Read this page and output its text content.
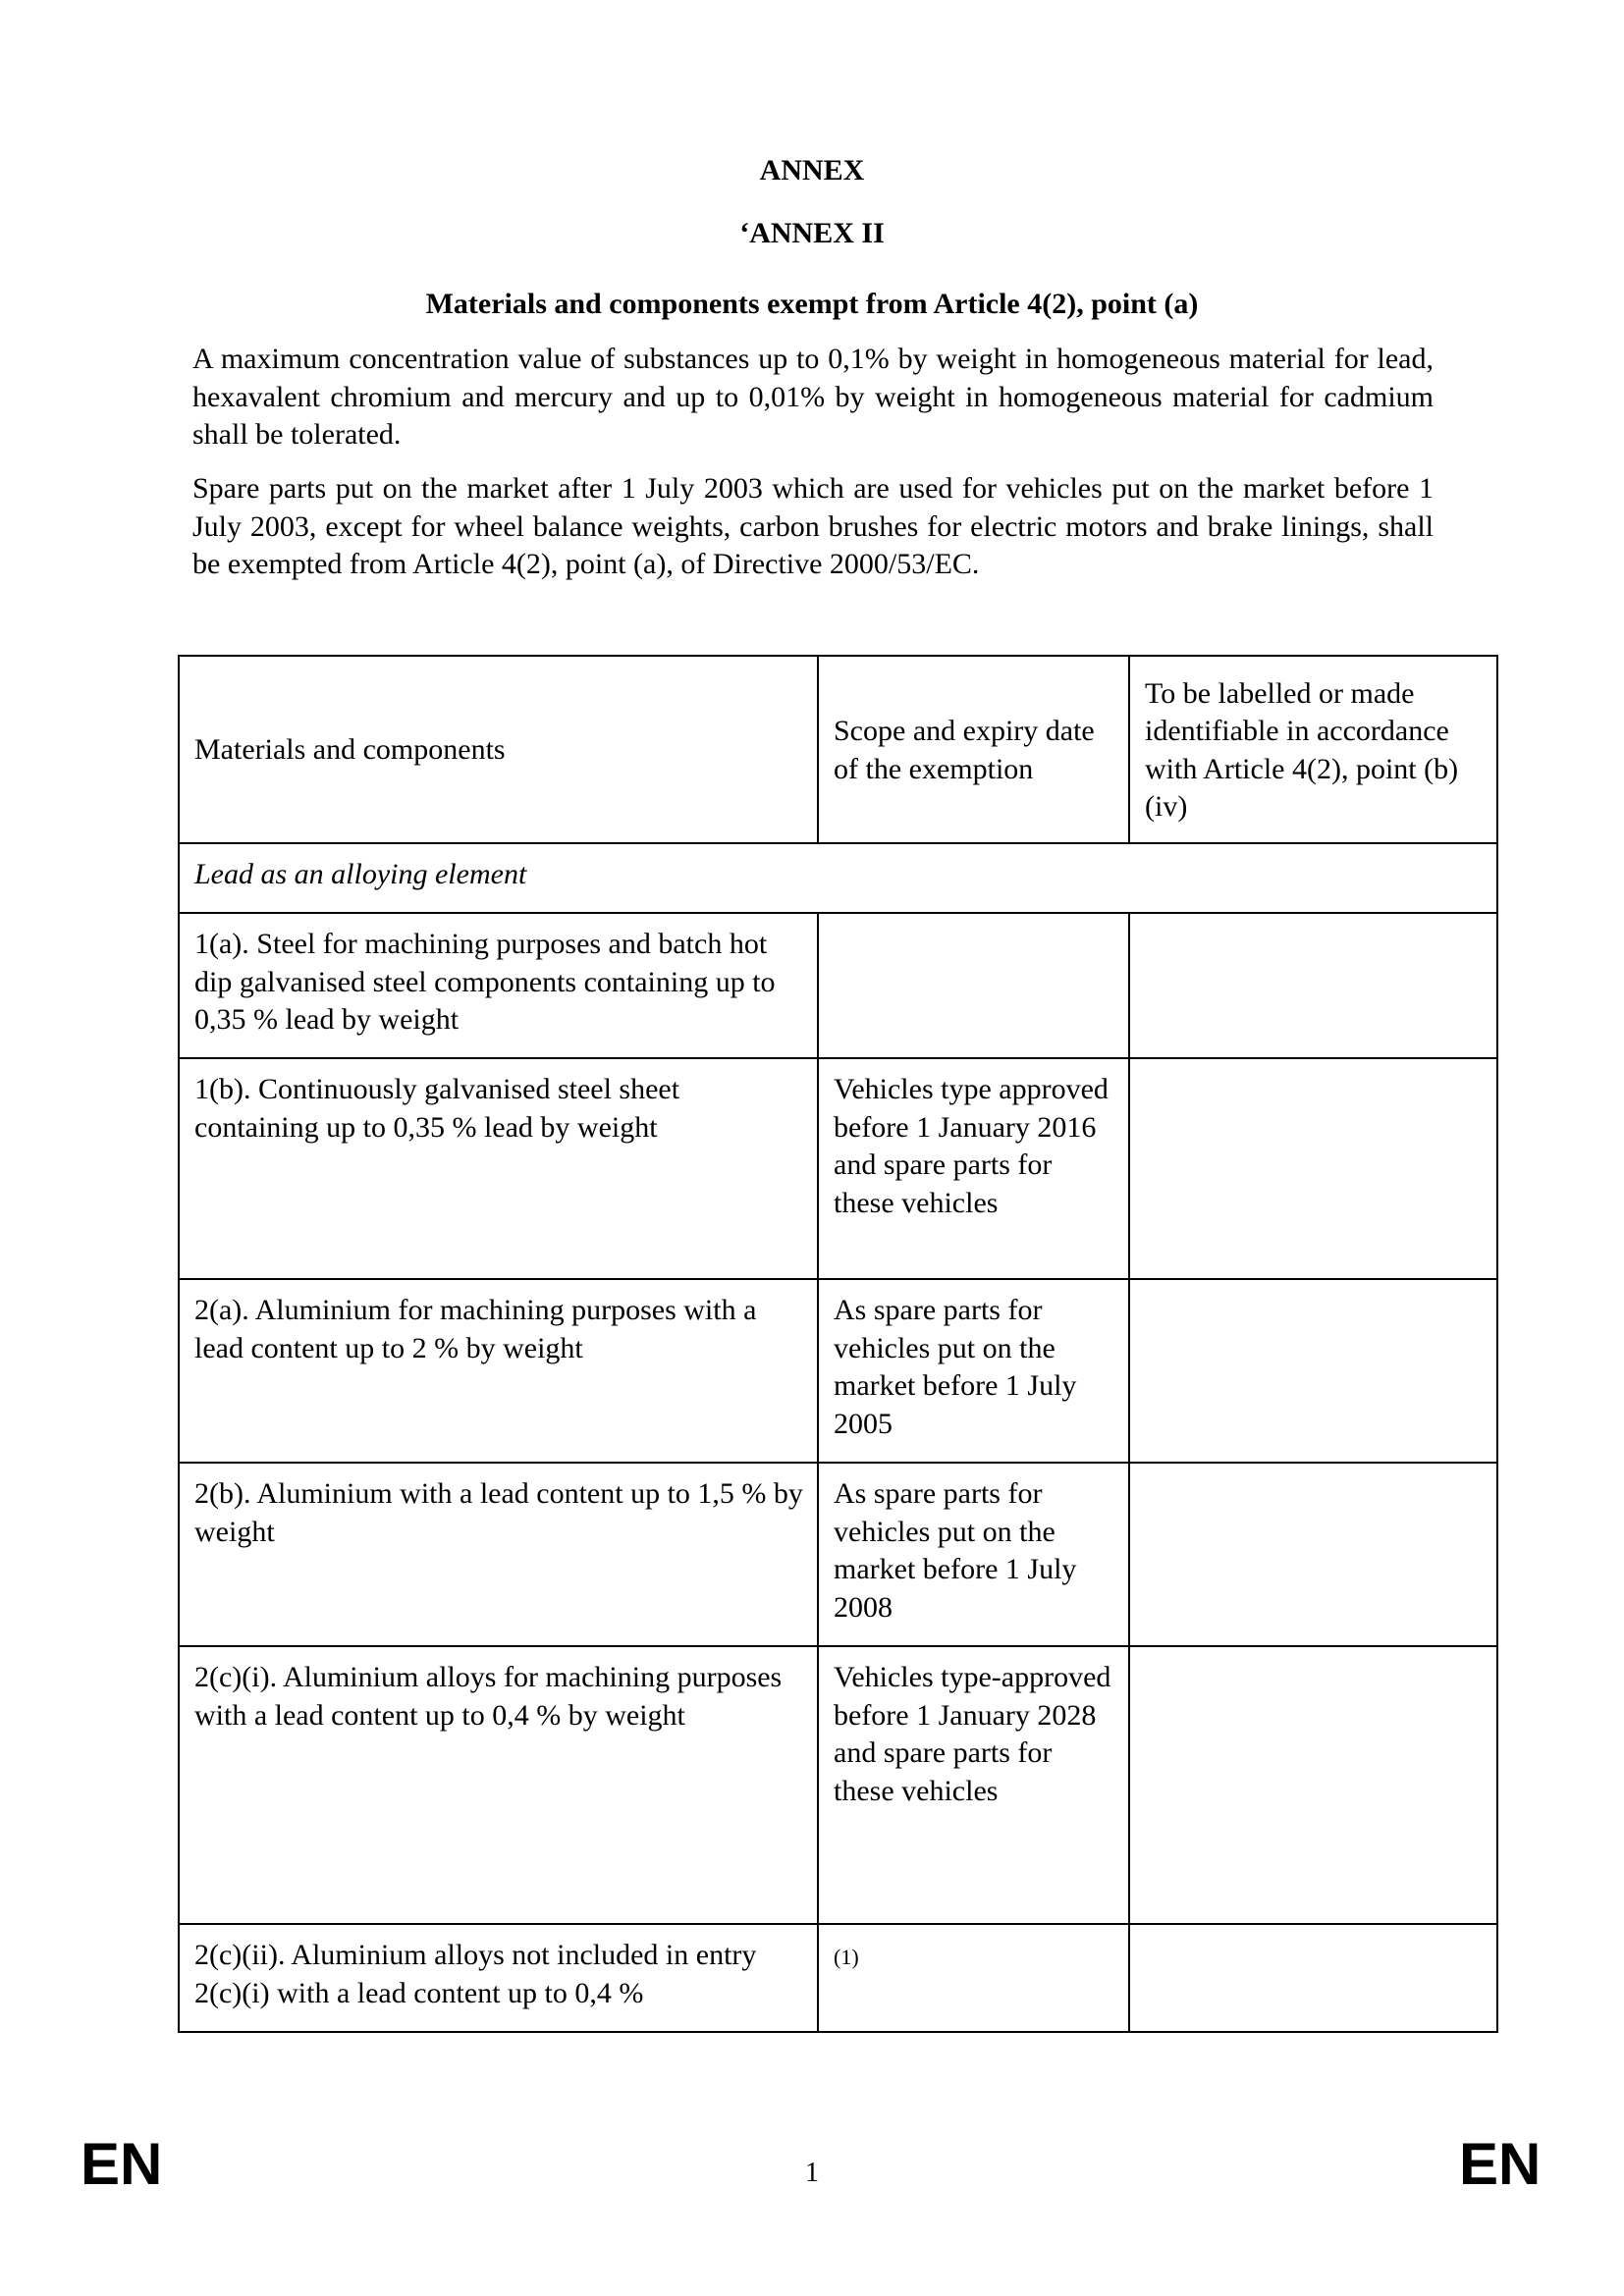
ANNEX

‘ANNEX II

Materials and components exempt from Article 4(2), point (a)

A maximum concentration value of substances up to 0,1% by weight in homogeneous material for lead, hexavalent chromium and mercury and up to 0,01% by weight in homogeneous material for cadmium shall be tolerated.

Spare parts put on the market after 1 July 2003 which are used for vehicles put on the market before 1 July 2003, except for wheel balance weights, carbon brushes for electric motors and brake linings, shall be exempted from Article 4(2), point (a), of Directive 2000/53/EC.

Materials and components	Scope and expiry date of the exemption	To be labelled or made identifiable in accordance with Article 4(2), point (b)(iv)
Lead as an alloying element		
1(a). Steel for machining purposes and batch hot dip galvanised steel components containing up to 0,35 % lead by weight		
1(b). Continuously galvanised steel sheet containing up to 0,35 % lead by weight	Vehicles type approved before 1 January 2016 and spare parts for these vehicles	
2(a). Aluminium for machining purposes with a lead content up to 2 % by weight	As spare parts for vehicles put on the market before 1 July 2005	
2(b). Aluminium with a lead content up to 1,5 % by weight	As spare parts for vehicles put on the market before 1 July 2008	
2(c)(i). Aluminium alloys for machining purposes with a lead content up to 0,4 % by weight	Vehicles type-approved before 1 January 2028 and spare parts for these vehicles	
2(c)(ii). Aluminium alloys not included in entry 2(c)(i) with a lead content up to 0,4 %	(1)	
EN	1	EN
